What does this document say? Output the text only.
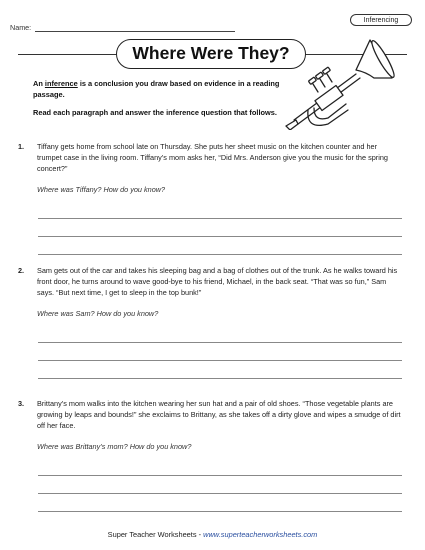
Name:
Inferencing
Where Were They?

An inference is a conclusion you draw based on evidence in a reading passage.

Read each paragraph and answer the inference question that follows.

1. Tiffany gets home from school late on Thursday. She puts her sheet music on the kitchen counter and her trumpet case in the living room. Tiffany’s mom asks her, “Did Mrs. Anderson give you the music for the spring concert?”
Where was Tiffany? How do you know?
2. Sam gets out of the car and takes his sleeping bag and a bag of clothes out of the trunk. As he walks toward his front door, he turns around to wave good-bye to his friend, Michael, in the back seat. “That was so fun,” Sam says. “But next time, I get to sleep in the top bunk!”
Where was Sam? How do you know?
3. Brittany’s mom walks into the kitchen wearing her sun hat and a pair of old shoes. “Those vegetable plants are growing by leaps and bounds!” she exclaims to Brittany, as she takes off a dirty glove and wipes a smudge of dirt off her face.
Where was Brittany’s mom? How do you know?
Super Teacher Worksheets - www.superteacherworksheets.com
